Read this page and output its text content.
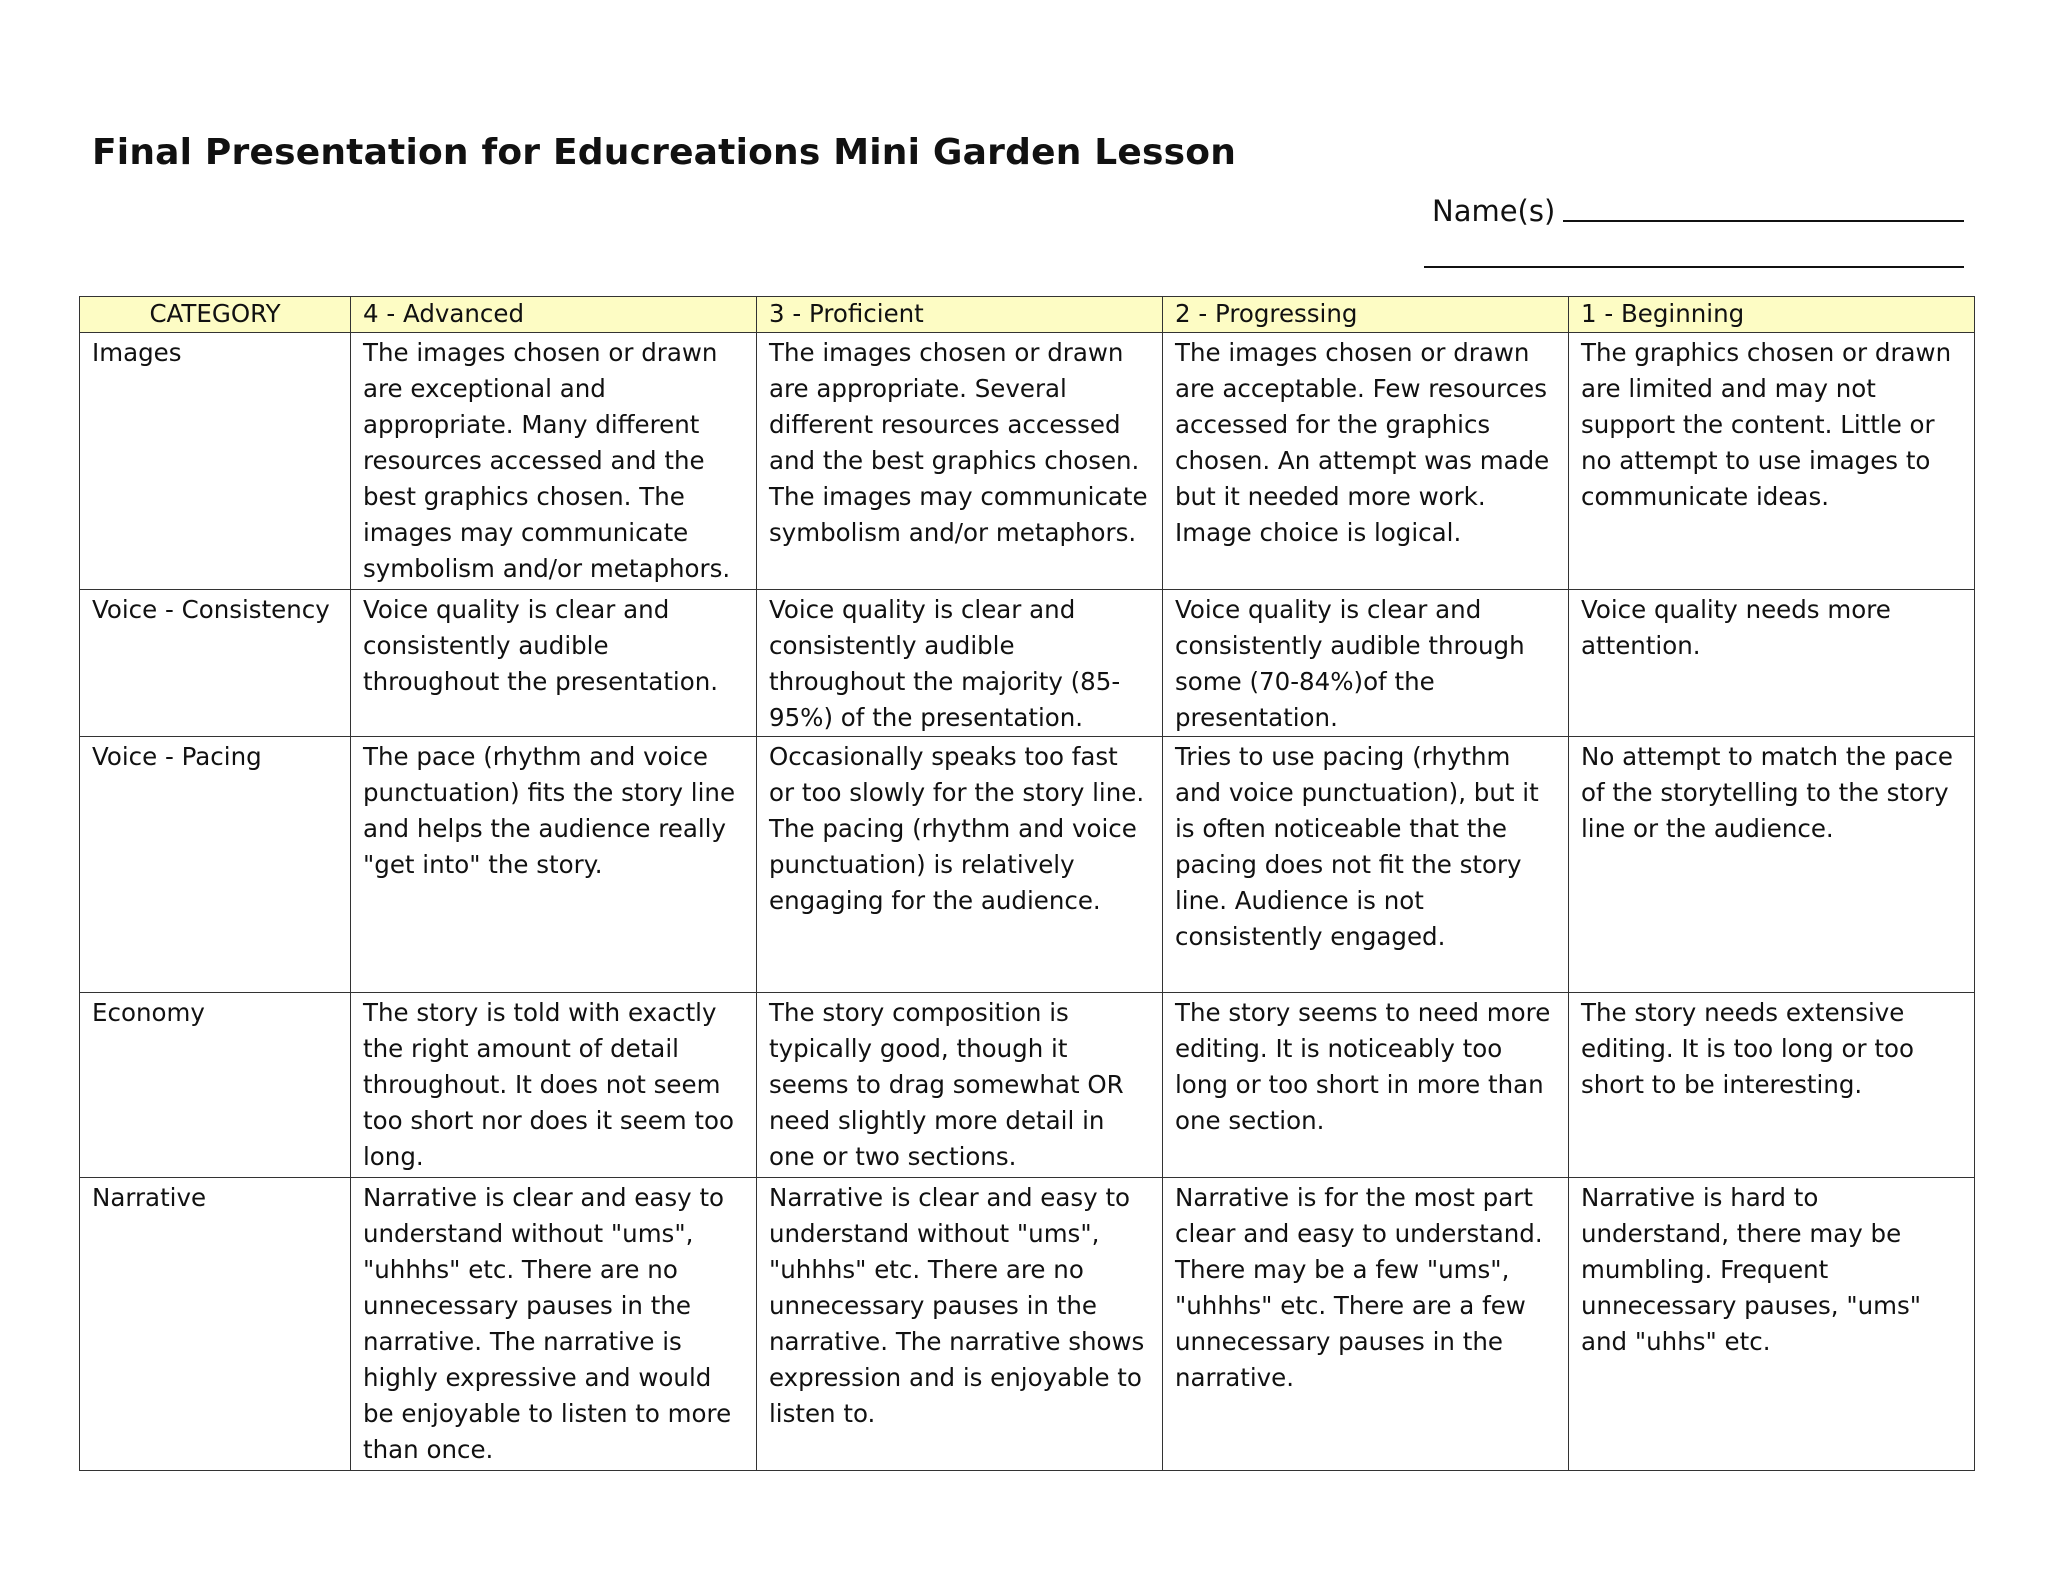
Final Presentation for Educreations Mini Garden Lesson
Name(s)
CATEGORY	4 - Advanced	3 - Proficient	2 - Progressing	1 - Beginning
Images	The images chosen or drawn are exceptional and appropriate. Many different resources accessed and the best graphics chosen. The images may communicate symbolism and/or metaphors.	The images chosen or drawn are appropriate. Several different resources accessed and the best graphics chosen. The images may communicate symbolism and/or metaphors.	The images chosen or drawn are acceptable. Few resources accessed for the graphics chosen. An attempt was made but it needed more work. Image choice is logical.	The graphics chosen or drawn are limited and may not support the content. Little or no attempt to use images to communicate ideas.
Voice - Consistency	Voice quality is clear and consistently audible throughout the presentation.	Voice quality is clear and consistently audible throughout the majority (85-95%) of the presentation.	Voice quality is clear and consistently audible through some (70-84%)of the presentation.	Voice quality needs more attention.
Voice - Pacing	The pace (rhythm and voice punctuation) fits the story line and helps the audience really "get into" the story.	Occasionally speaks too fast or too slowly for the story line. The pacing (rhythm and voice punctuation) is relatively engaging for the audience.	Tries to use pacing (rhythm and voice punctuation), but it is often noticeable that the pacing does not fit the story line. Audience is not consistently engaged.	No attempt to match the pace of the storytelling to the story line or the audience.
Economy	The story is told with exactly the right amount of detail throughout. It does not seem too short nor does it seem too long.	The story composition is typically good, though it seems to drag somewhat OR need slightly more detail in one or two sections.	The story seems to need more editing. It is noticeably too long or too short in more than one section.	The story needs extensive editing. It is too long or too short to be interesting.
Narrative	Narrative is clear and easy to understand without "ums", "uhhhs" etc. There are no unnecessary pauses in the narrative. The narrative is highly expressive and would be enjoyable to listen to more than once.	Narrative is clear and easy to understand without "ums", "uhhhs" etc. There are no unnecessary pauses in the narrative. The narrative shows expression and is enjoyable to listen to.	Narrative is for the most part clear and easy to understand. There may be a few "ums", "uhhhs" etc. There are a few unnecessary pauses in the narrative.	Narrative is hard to understand, there may be mumbling. Frequent unnecessary pauses, "ums" and "uhhs" etc.
